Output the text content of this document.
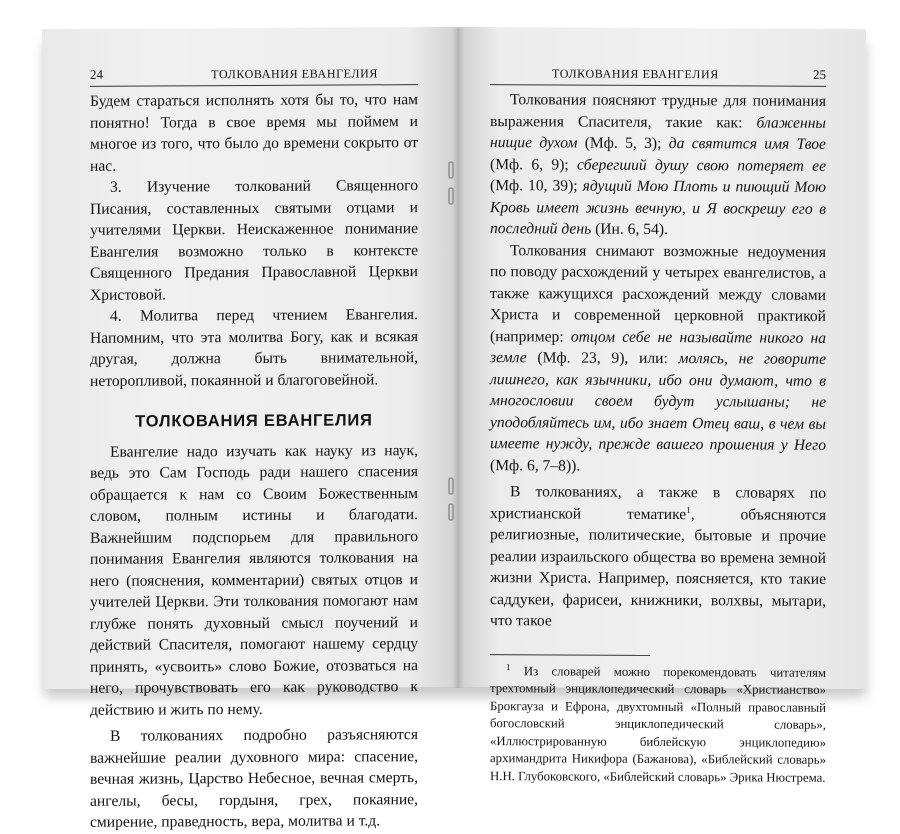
24	ТОЛКОВАНИЯ ЕВАНГЕЛИЯ

Будем стараться исполнять хотя бы то, что нам понятно! Тогда в свое время мы поймем и многое из того, что было до времени сокрыто от нас.

3. Изучение толкований Священного Писания, составленных святыми отцами и учителями Церкви. Неискаженное понимание Евангелия возможно только в контексте Священного Предания Православной Церкви Христовой.

4. Молитва перед чтением Евангелия. Напомним, что эта молитва Богу, как и всякая другая, должна быть внимательной, неторопливой, покаянной и благоговейной.

ТОЛКОВАНИЯ ЕВАНГЕЛИЯ

Евангелие надо изучать как науку из наук, ведь это Сам Господь ради нашего спасения обращается к нам со Своим Божественным словом, полным истины и благодати. Важнейшим подспорьем для правильного понимания Евангелия являются толкования на него (пояснения, комментарии) святых отцов и учителей Церкви. Эти толкования помогают нам глубже понять духовный смысл поучений и действий Спасителя, помогают нашему сердцу принять, «усвоить» слово Божие, отозваться на него, прочувствовать его как руководство к действию и жить по нему.

В толкованиях подробно разъясняются важнейшие реалии духовного мира: спасение, вечная жизнь, Царство Небесное, вечная смерть, ангелы, бесы, гордыня, грех, покаяние, смирение, праведность, вера, молитва и т.д.

ТОЛКОВАНИЯ ЕВАНГЕЛИЯ	25

Толкования поясняют трудные для понимания выражения Спасителя, такие как: блаженны нищие духом (Мф. 5, 3); да святится имя Твое (Мф. 6, 9); сберегший душу свою потеряет ее (Мф. 10, 39); ядущий Мою Плоть и пиющий Мою Кровь имеет жизнь вечную, и Я воскрешу его в последний день (Ин. 6, 54).

Толкования снимают возможные недоумения по поводу расхождений у четырех евангелистов, а также кажущихся расхождений между словами Христа и современной церковной практикой (например: отцом себе не называйте никого на земле (Мф. 23, 9), или: молясь, не говорите лишнего, как язычники, ибо они думают, что в многословии своем будут услышаны; не уподобляйтесь им, ибо знает Отец ваш, в чем вы имеете нужду, прежде вашего прошения у Него (Мф. 6, 7–8)).

В толкованиях, а также в словарях по христианской тематике$^1$, объясняются религиозные, политические, бытовые и прочие реалии израильского общества во времена земной жизни Христа. Например, поясняется, кто такие саддукеи, фарисеи, книжники, волхвы, мытари, что такое

$^1$ Из словарей можно порекомендовать читателям трехтомный энциклопедический словарь «Христианство» Брокгауза и Ефрона, двухтомный «Полный православный богословский энциклопедический словарь», «Иллюстрированную библейскую энциклопедию» архимандрита Никифора (Бажанова), «Библейский словарь» Н.Н. Глубоковского, «Библейский словарь» Эрика Нюстрема.
